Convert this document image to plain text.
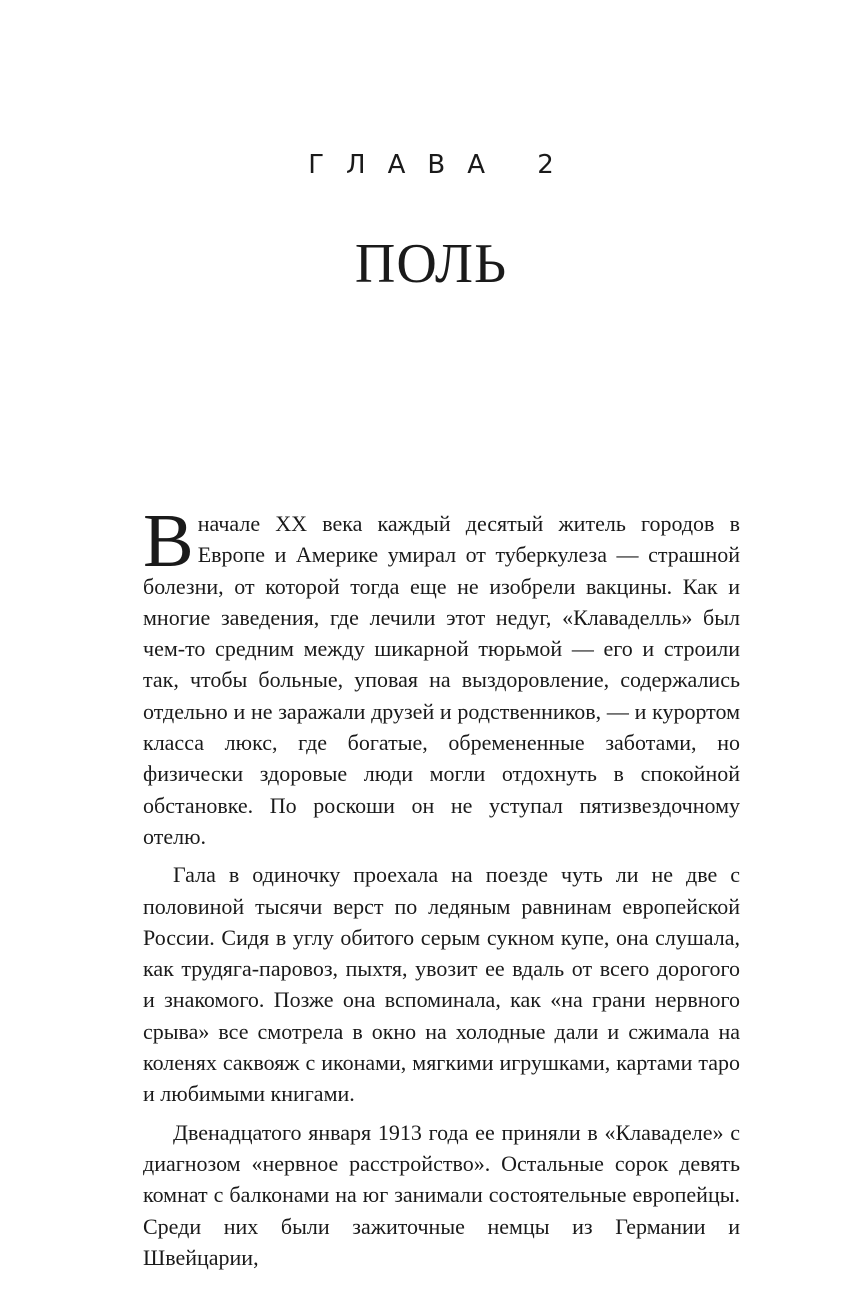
ГЛАВА 2
ПОЛЬ

В начале XX века каждый десятый житель городов в Европе и Америке умирал от туберкулеза — страшной болезни, от которой тогда еще не изобрели вакцины. Как и многие заведения, где лечили этот недуг, «Клаваделль» был чем-то средним между шикарной тюрьмой — его и строили так, чтобы больные, уповая на выздоровление, содержались отдельно и не заражали друзей и родственников, — и курортом класса люкс, где богатые, обремененные заботами, но физически здоровые люди могли отдохнуть в спокойной обстановке. По роскоши он не уступал пятизвездочному отелю.

Гала в одиночку проехала на поезде чуть ли не две с половиной тысячи верст по ледяным равнинам европейской России. Сидя в углу обитого серым сукном купе, она слушала, как трудяга-паровоз, пыхтя, увозит ее вдаль от всего дорогого и знакомого. Позже она вспоминала, как «на грани нервного срыва» все смотрела в окно на холодные дали и сжимала на коленях саквояж с иконами, мягкими игрушками, картами таро и любимыми книгами.

Двенадцатого января 1913 года ее приняли в «Клаваделе» с диагнозом «нервное расстройство». Остальные сорок девять комнат с балконами на юг занимали состоятельные европейцы. Среди них были зажиточные немцы из Германии и Швейцарии,
